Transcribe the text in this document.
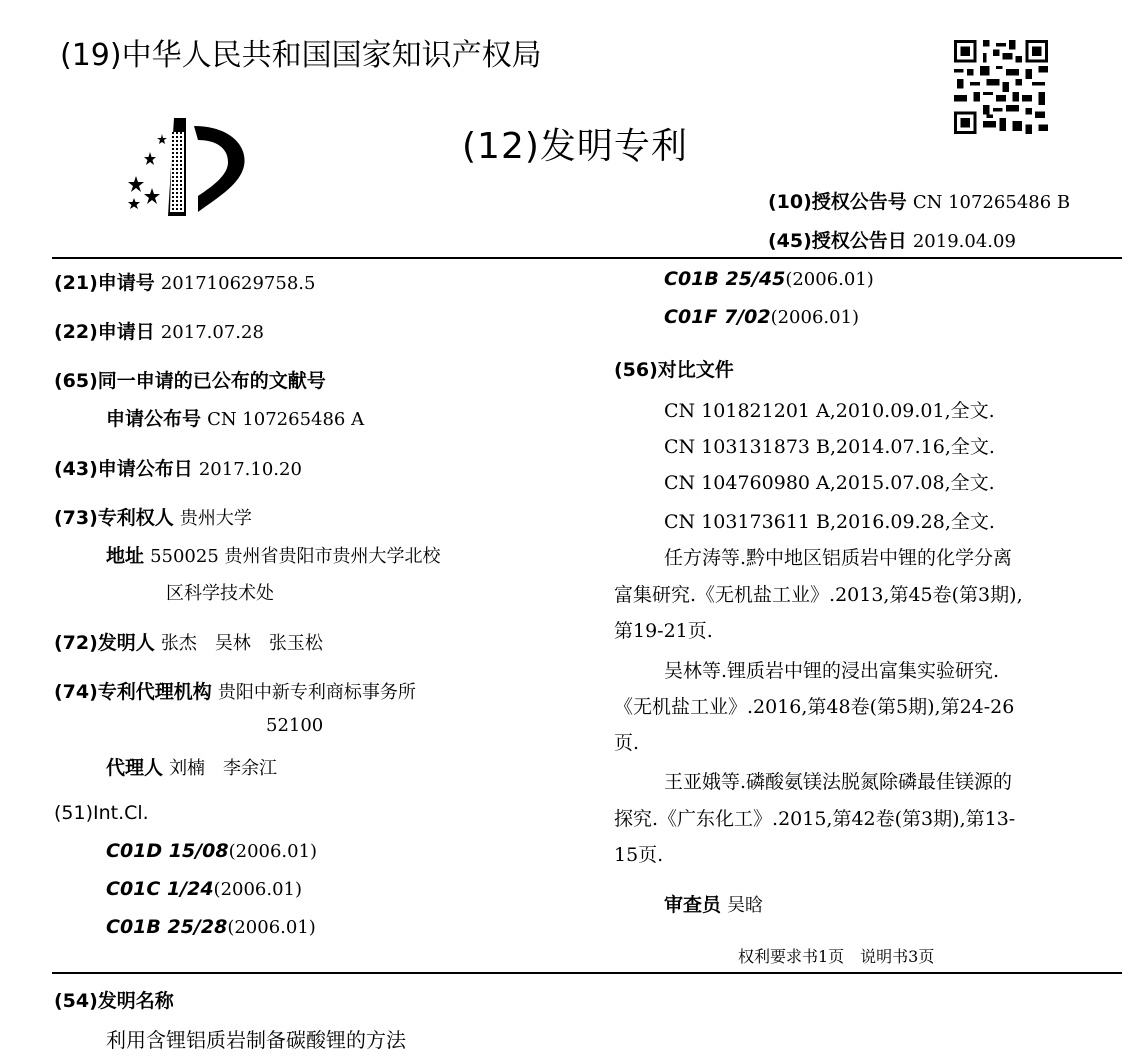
(19)中华人民共和国国家知识产权局
(12)发明专利
(10)授权公告号 CN 107265486 B
(45)授权公告日 2019.04.09
(21)申请号 201710629758.5
(22)申请日 2017.07.28
(65)同一申请的已公布的文献号
申请公布号 CN 107265486 A
(43)申请公布日 2017.10.20
(73)专利权人 贵州大学
地址 550025 贵州省贵阳市贵州大学北校
区科学技术处
(72)发明人 张杰　吴林　张玉松
(74)专利代理机构 贵阳中新专利商标事务所
52100
代理人 刘楠　李余江
(51)Int.Cl.
C01D 15/08(2006.01)
C01C 1/24(2006.01)
C01B 25/28(2006.01)
C01B 25/45(2006.01)
C01F 7/02(2006.01)
(56)对比文件
CN 101821201 A,2010.09.01,全文.
CN 103131873 B,2014.07.16,全文.
CN 104760980 A,2015.07.08,全文.
CN 103173611 B,2016.09.28,全文.
任方涛等.黔中地区铝质岩中锂的化学分离
富集研究.《无机盐工业》.2013,第45卷(第3期),
第19-21页.
吴林等.锂质岩中锂的浸出富集实验研究.
《无机盐工业》.2016,第48卷(第5期),第24-26
页.
王亚娥等.磷酸氨镁法脱氮除磷最佳镁源的
探究.《广东化工》.2015,第42卷(第3期),第13-
15页.
审查员 吴晗
权利要求书1页　说明书3页
(54)发明名称
利用含锂铝质岩制备碳酸锂的方法
